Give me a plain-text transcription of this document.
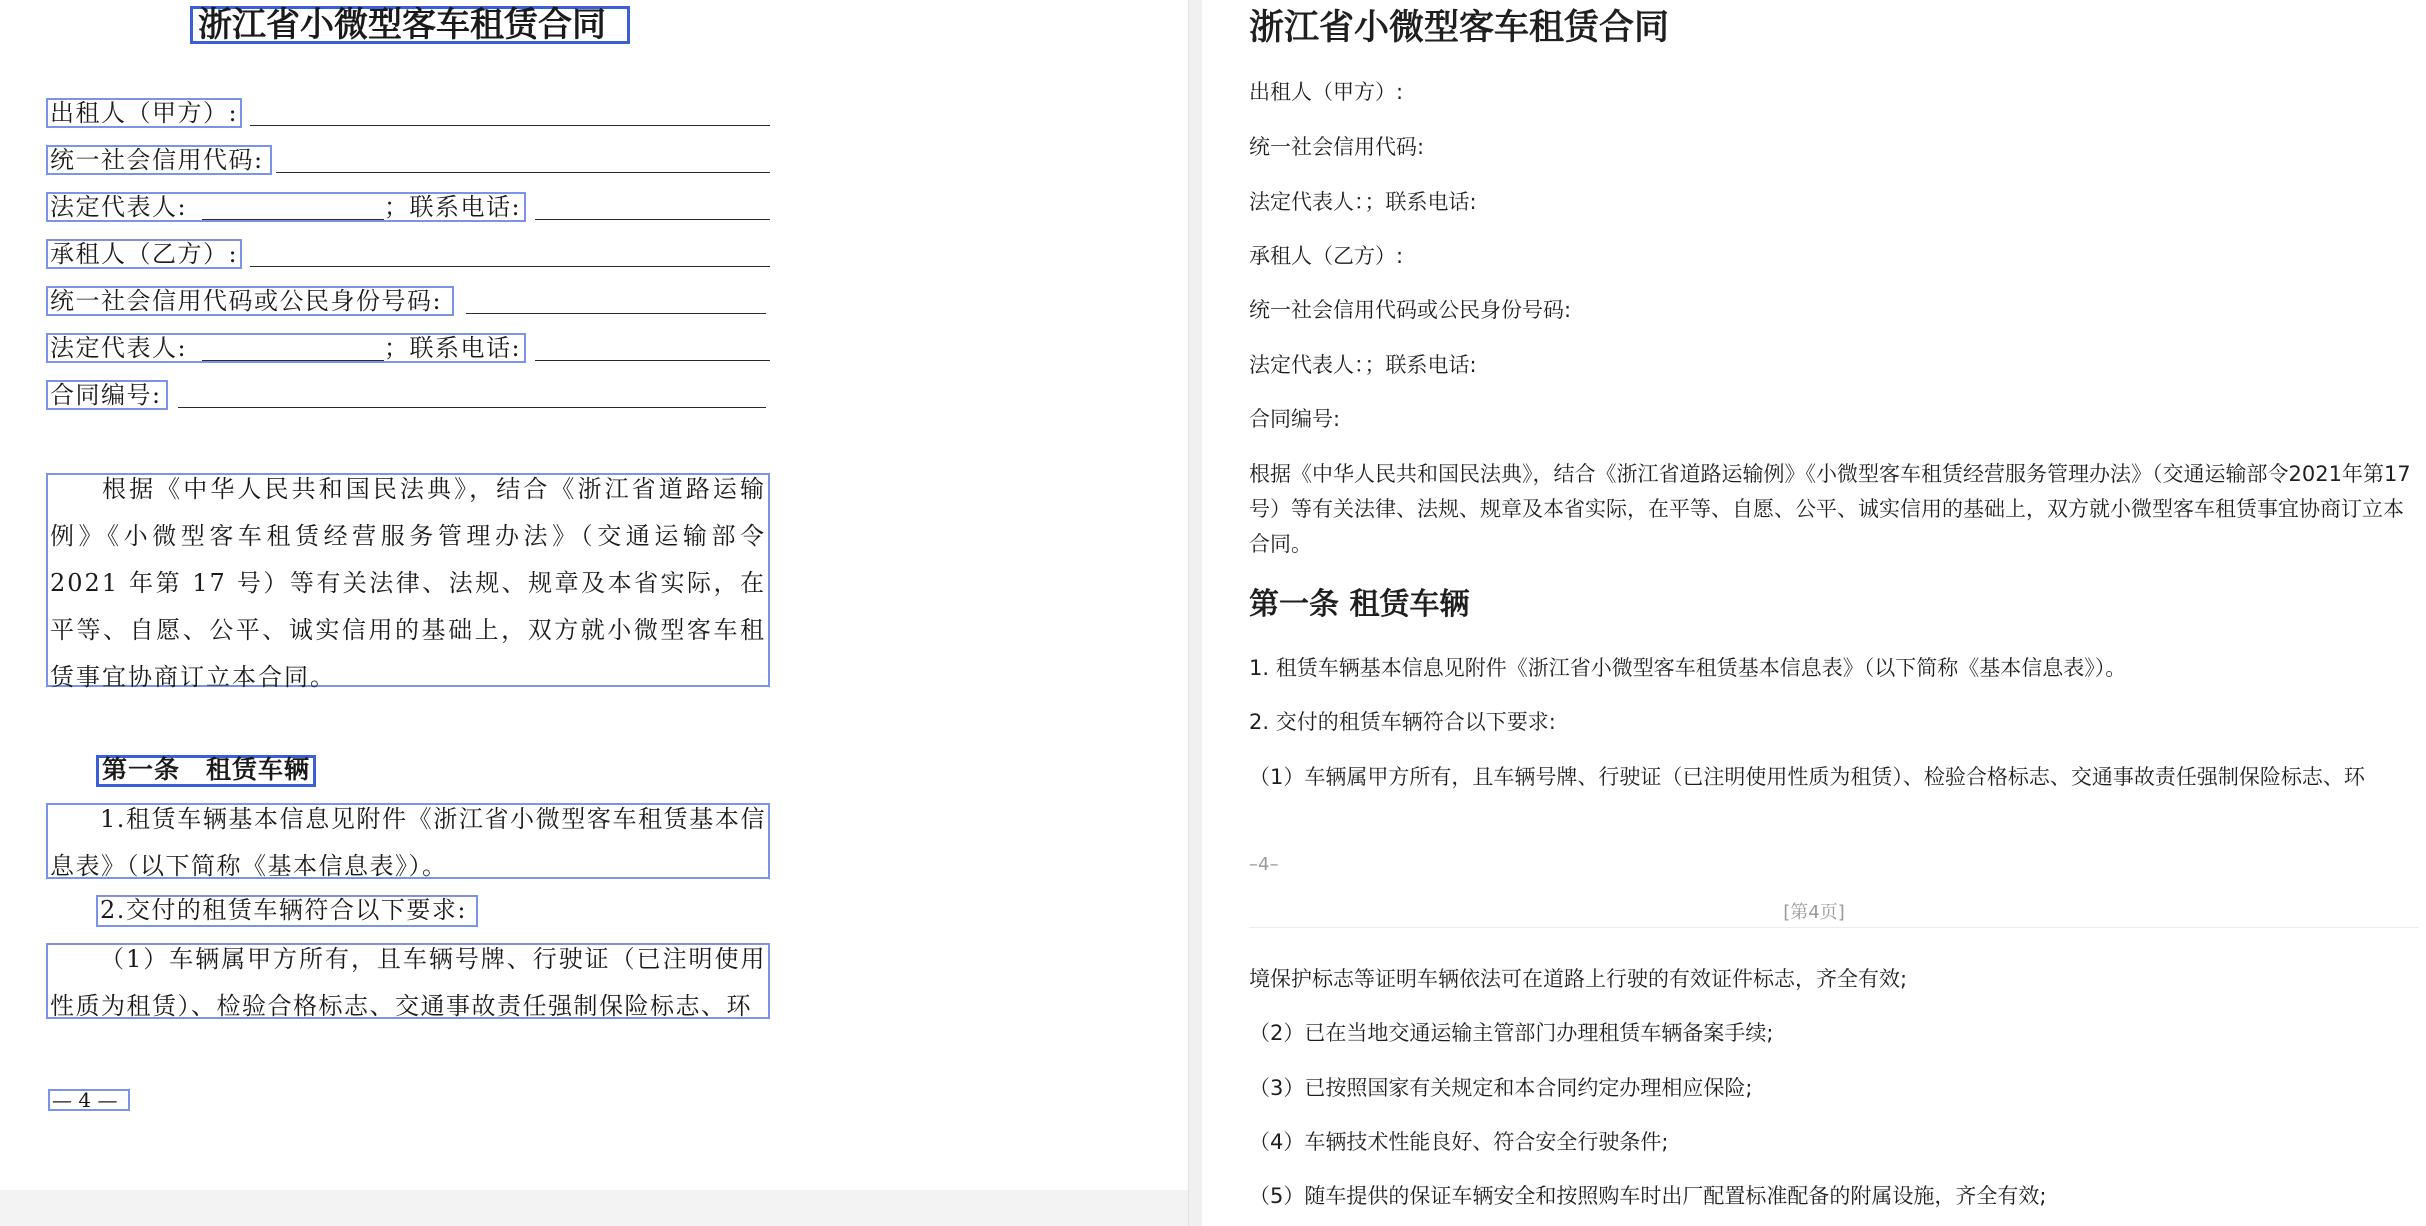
浙江省小微型客车租赁合同
出租人（甲方）:
统一社会信用代码:
法定代表人:	；联系电话:
承租人（乙方）:
统一社会信用代码或公民身份号码:
法定代表人:	；联系电话:
合同编号:

根据《中华人民共和国民法典》，结合《浙江省道路运输例》《小微型客车租赁经营服务管理办法》（交通运输部令 2021 年第 17 号）等有关法律、法规、规章及本省实际，在平等、自愿、公平、诚实信用的基础上，双方就小微型客车租赁事宜协商订立本合同。

第一条　租赁车辆

1.租赁车辆基本信息见附件《浙江省小微型客车租赁基本信息表》（以下简称《基本信息表》）。

2.交付的租赁车辆符合以下要求:

（1）车辆属甲方所有，且车辆号牌、行驶证（已注明使用性质为租赁）、检验合格标志、交通事故责任强制保险标志、环

— 4 —
浙江省小微型客车租赁合同
出租人（甲方）:
统一社会信用代码:
法定代表人：；联系电话:
承租人（乙方）:
统一社会信用代码或公民身份号码:
法定代表人：；联系电话:
合同编号:

根据《中华人民共和国民法典》，结合《浙江省道路运输例》《小微型客车租赁经营服务管理办法》（交通运输部令2021年第17号）等有关法律、法规、规章及本省实际，在平等、自愿、公平、诚实信用的基础上，双方就小微型客车租赁事宜协商订立本合同。

第一条 租赁车辆
1. 租赁车辆基本信息见附件《浙江省小微型客车租赁基本信息表》（以下简称《基本信息表》）。
2. 交付的租赁车辆符合以下要求:

（1）车辆属甲方所有，且车辆号牌、行驶证（已注明使用性质为租赁）、检验合格标志、交通事故责任强制保险标志、环

–4–
[第4页]
境保护标志等证明车辆依法可在道路上行驶的有效证件标志，齐全有效;
（2）已在当地交通运输主管部门办理租赁车辆备案手续;
（3）已按照国家有关规定和本合同约定办理相应保险;
（4）车辆技术性能良好、符合安全行驶条件;
（5）随车提供的保证车辆安全和按照购车时出厂配置标准配备的附属设施，齐全有效;
